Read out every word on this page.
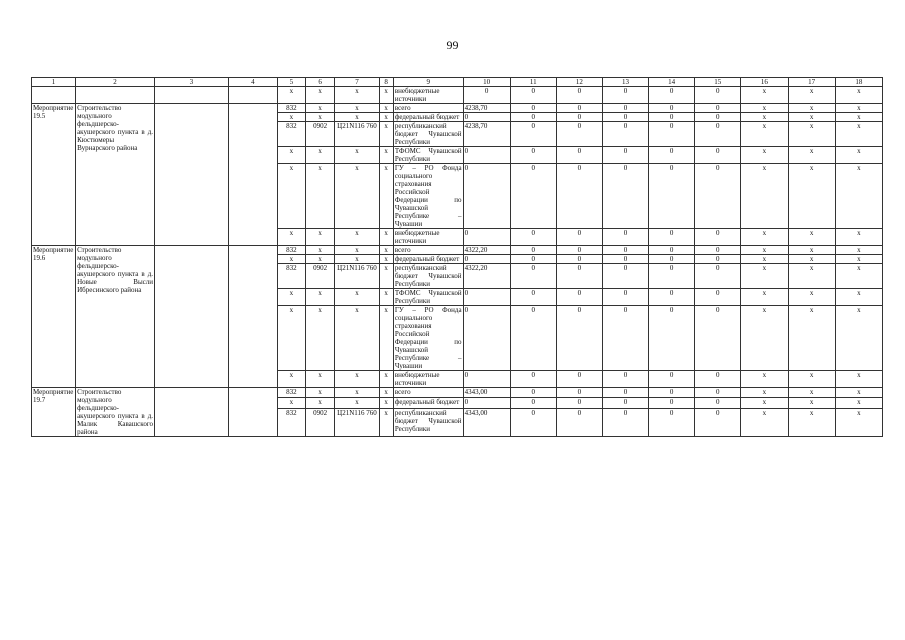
99
1	2	3	4	5	6	7	8	9	10	11	12	13	14	15	16	17	18
				x	x	x	x	внебюджетные источники	0	0	0	0	0	0	x	x	x
Мероприятие 19.5	Строительство модульного фельдшерско-акушерского пункта в д. Кюстюмеры Вурнарского района			832	x	x	x	всего	4238,70	0	0	0	0	0	x	x	x
				x	x	x	x	федеральный бюджет	0	0	0	0	0	0	x	x	x
				832	0902	Ц21N116 760	x	республиканский бюджет Чувашской Республики	4238,70	0	0	0	0	0	x	x	x
				x	x	x	x	ТФОМС Чувашской Республики	0	0	0	0	0	0	x	x	x
				x	x	x	x	ГУ – РО Фонда социального страхования Российской Федерации по Чувашской Республике – Чувашии	0	0	0	0	0	0	x	x	x
				x	x	x	x	внебюджетные источники	0	0	0	0	0	0	x	x	x
Мероприятие 19.6	Строительство модульного фельдшерско-акушерского пункта в д. Новые Высли Ибресинского района			832	x	x	x	всего	4322,20	0	0	0	0	0	x	x	x
				x	x	x	x	федеральный бюджет	0	0	0	0	0	0	x	x	x
				832	0902	Ц21N116 760	x	республиканский бюджет Чувашской Республики	4322,20	0	0	0	0	0	x	x	x
				x	x	x	x	ТФОМС Чувашской Республики	0	0	0	0	0	0	x	x	x
				x	x	x	x	ГУ – РО Фонда социального страхования Российской Федерации по Чувашской Республике – Чувашии	0	0	0	0	0	0	x	x	x
				x	x	x	x	внебюджетные источники	0	0	0	0	0	0	x	x	x
Мероприятие 19.7	Строительство модульного фельдшерско-акушерского пункта в д. Малик Кавашского района			832	x	x	x	всего	4343,00	0	0	0	0	0	x	x	x
				x	x	x	x	федеральный бюджет	0	0	0	0	0	0	x	x	x
				832	0902	Ц21N116 760	x	республиканский бюджет Чувашской Республики	4343,00	0	0	0	0	0	x	x	x
